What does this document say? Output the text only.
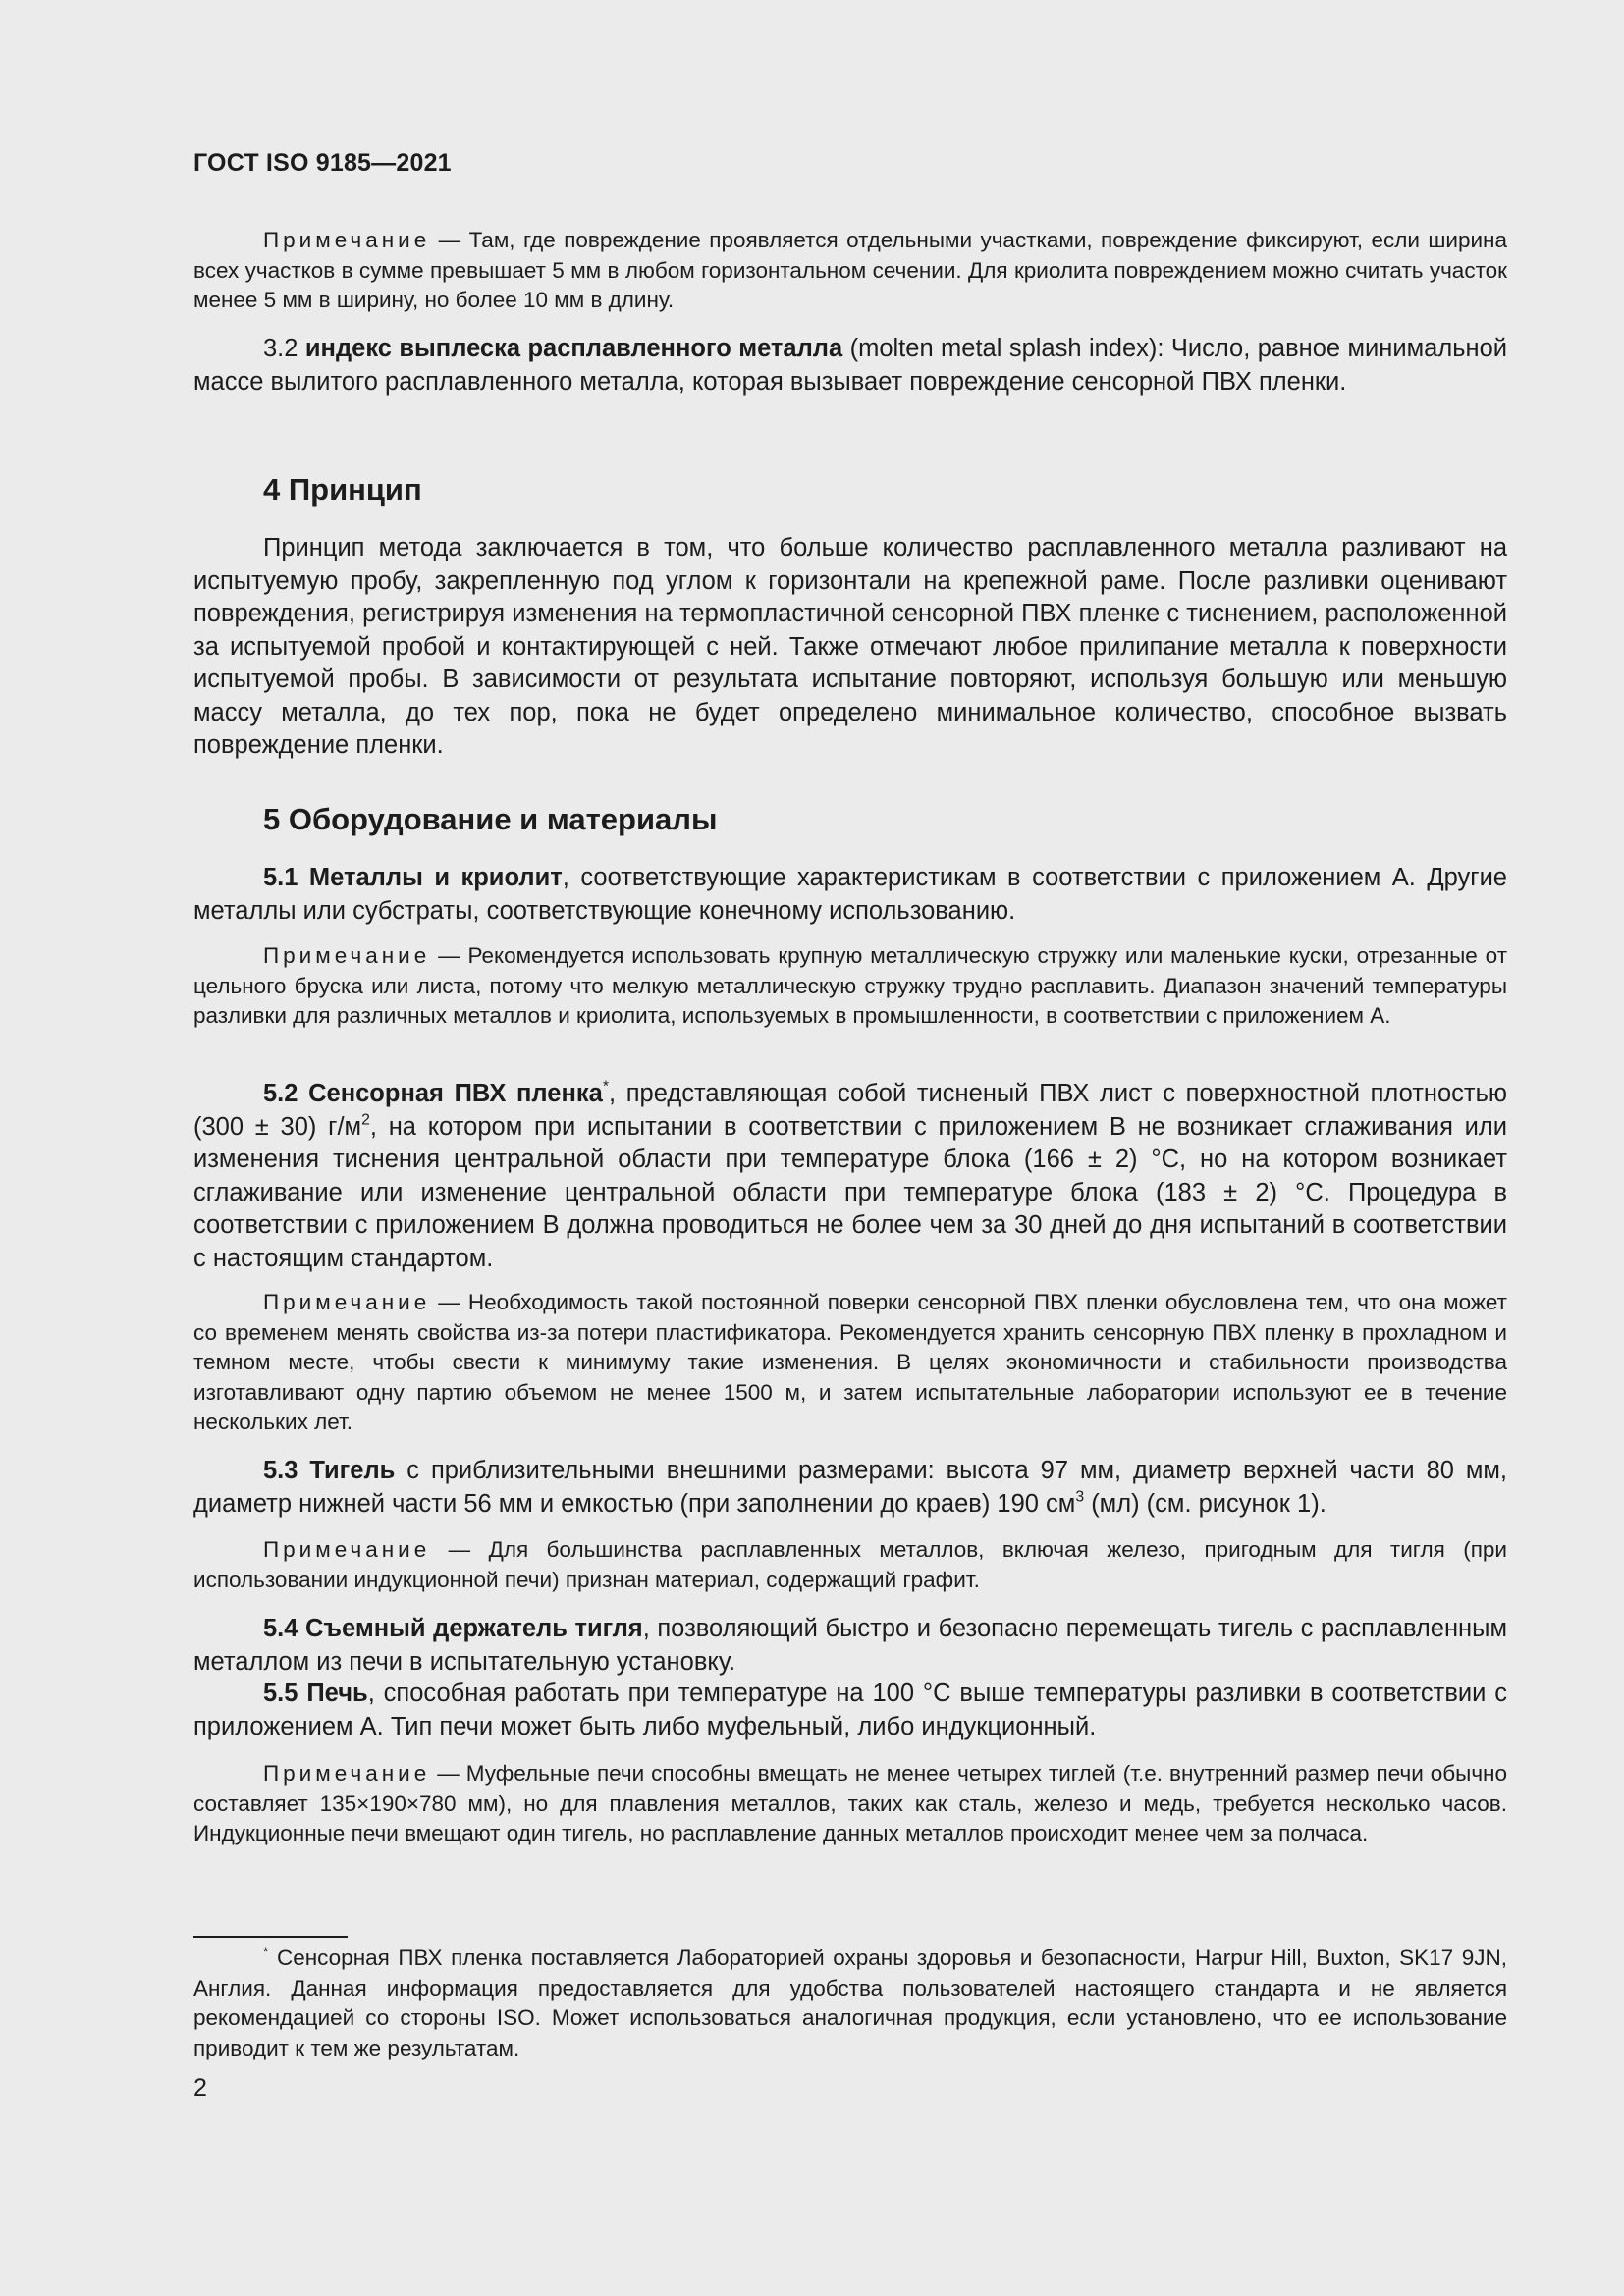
ГОСТ ISO 9185—2021

Примечание — Там, где повреждение проявляется отдельными участками, повреждение фиксируют, если ширина всех участков в сумме превышает 5 мм в любом горизонтальном сечении. Для криолита повреждением можно считать участок менее 5 мм в ширину, но более 10 мм в длину.

3.2 индекс выплеска расплавленного металла (molten metal splash index): Число, равное минимальной массе вылитого расплавленного металла, которая вызывает повреждение сенсорной ПВХ пленки.

4 Принцип

Принцип метода заключается в том, что больше количество расплавленного металла разливают на испытуемую пробу, закрепленную под углом к горизонтали на крепежной раме. После разливки оценивают повреждения, регистрируя изменения на термопластичной сенсорной ПВХ пленке с тиснением, расположенной за испытуемой пробой и контактирующей с ней. Также отмечают любое прилипание металла к поверхности испытуемой пробы. В зависимости от результата испытание повторяют, используя большую или меньшую массу металла, до тех пор, пока не будет определено минимальное количество, способное вызвать повреждение пленки.

5 Оборудование и материалы

5.1 Металлы и криолит, соответствующие характеристикам в соответствии с приложением А. Другие металлы или субстраты, соответствующие конечному использованию.

Примечание — Рекомендуется использовать крупную металлическую стружку или маленькие куски, отрезанные от цельного бруска или листа, потому что мелкую металлическую стружку трудно расплавить. Диапазон значений температуры разливки для различных металлов и криолита, используемых в промышленности, в соответствии с приложением А.

5.2 Сенсорная ПВХ пленка*, представляющая собой тисненый ПВХ лист с поверхностной плотностью (300 ± 30) $г/м^2$, на котором при испытании в соответствии с приложением В не возникает сглаживания или изменения тиснения центральной области при температуре блока (166 ± 2) °С, но на котором возникает сглаживание или изменение центральной области при температуре блока (183 ± 2) °С. Процедура в соответствии с приложением В должна проводиться не более чем за 30 дней до дня испытаний в соответствии с настоящим стандартом.

Примечание — Необходимость такой постоянной поверки сенсорной ПВХ пленки обусловлена тем, что она может со временем менять свойства из-за потери пластификатора. Рекомендуется хранить сенсорную ПВХ пленку в прохладном и темном месте, чтобы свести к минимуму такие изменения. В целях экономичности и стабильности производства изготавливают одну партию объемом не менее 1500 м, и затем испытательные лаборатории используют ее в течение нескольких лет.

5.3 Тигель с приблизительными внешними размерами: высота 97 мм, диаметр верхней части 80 мм, диаметр нижней части 56 мм и емкостью (при заполнении до краев) 190 $см^3$ (мл) (см. рисунок 1).

Примечание — Для большинства расплавленных металлов, включая железо, пригодным для тигля (при использовании индукционной печи) признан материал, содержащий графит.

5.4 Съемный держатель тигля, позволяющий быстро и безопасно перемещать тигель с расплавленным металлом из печи в испытательную установку.

5.5 Печь, способная работать при температуре на 100 °С выше температуры разливки в соответствии с приложением А. Тип печи может быть либо муфельный, либо индукционный.

Примечание — Муфельные печи способны вмещать не менее четырех тиглей (т.е. внутренний размер печи обычно составляет 135×190×780 мм), но для плавления металлов, таких как сталь, железо и медь, требуется несколько часов. Индукционные печи вмещают один тигель, но расплавление данных металлов происходит менее чем за полчаса.

* Сенсорная ПВХ пленка поставляется Лабораторией охраны здоровья и безопасности, Harpur Hill, Buxton, SK17 9JN, Англия. Данная информация предоставляется для удобства пользователей настоящего стандарта и не является рекомендацией со стороны ISO. Может использоваться аналогичная продукция, если установлено, что ее использование приводит к тем же результатам.

2
